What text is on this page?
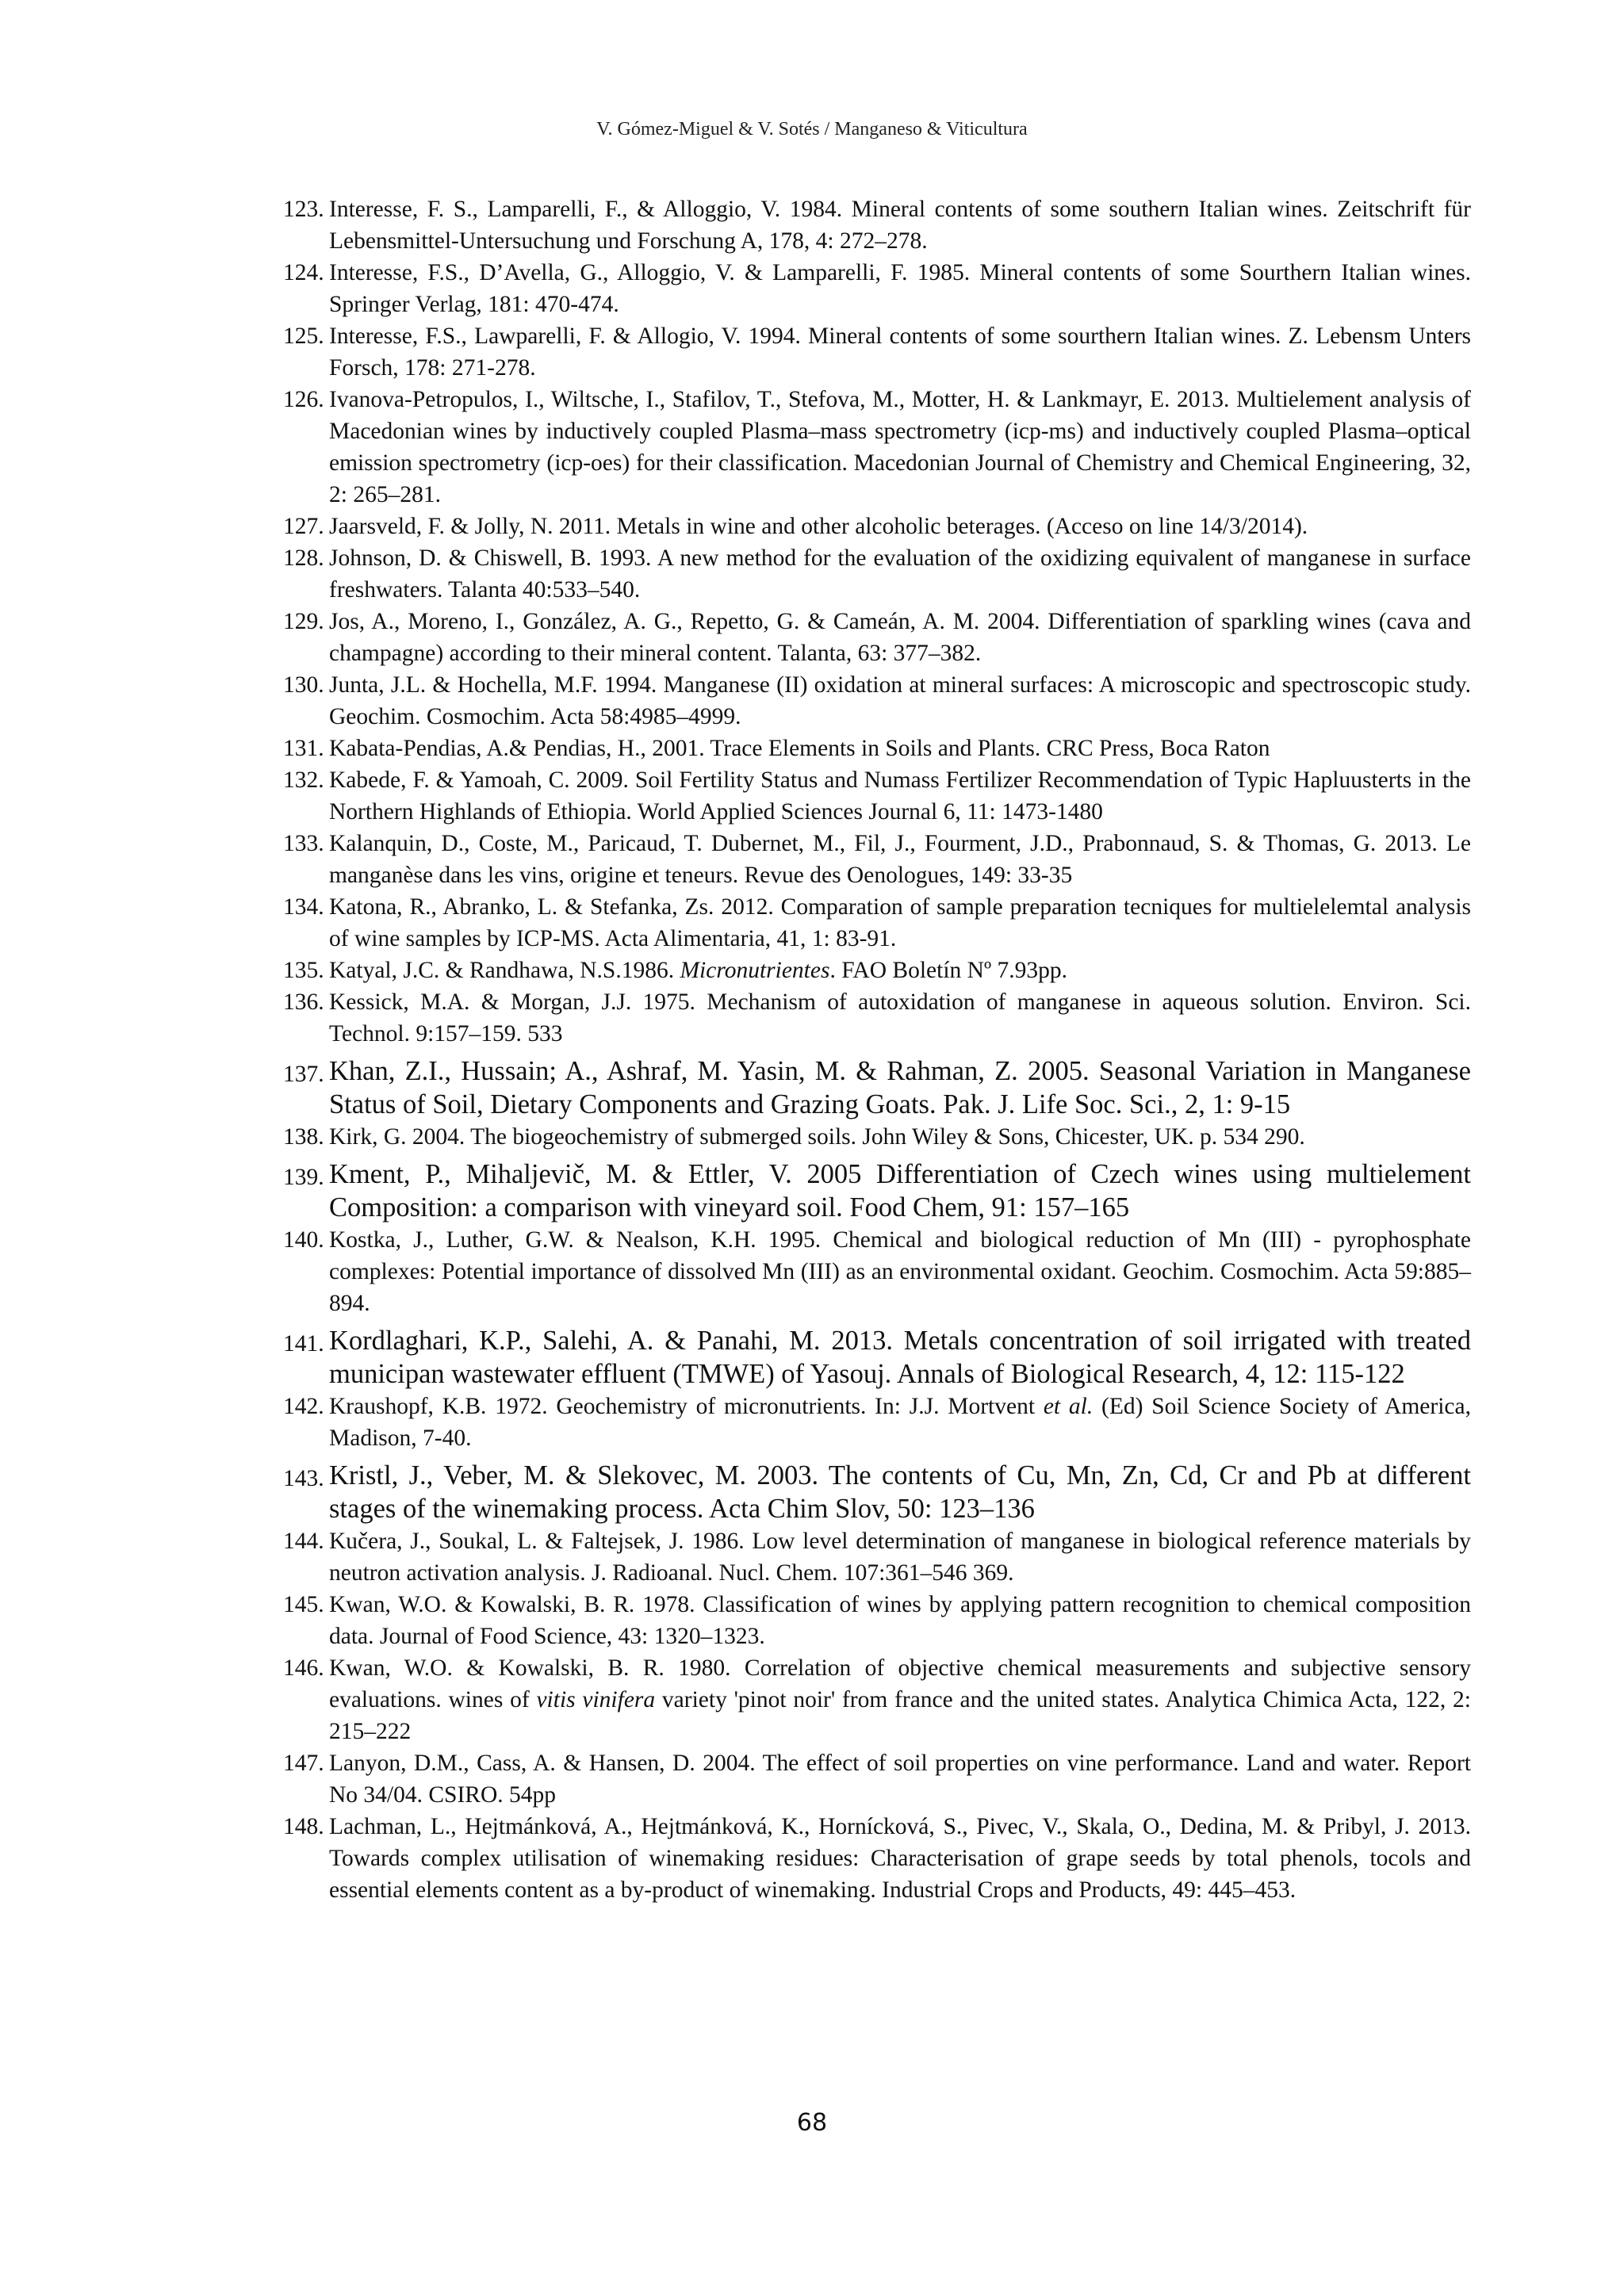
V. Gómez-Miguel & V. Sotés / Manganeso & Viticultura
123. Interesse, F. S., Lamparelli, F., & Alloggio, V. 1984. Mineral contents of some southern Italian wines. Zeitschrift für Lebensmittel-Untersuchung und Forschung A, 178, 4: 272–278.
124. Interesse, F.S., D’Avella, G., Alloggio, V. & Lamparelli, F. 1985. Mineral contents of some Sourthern Italian wines. Springer Verlag, 181: 470-474.
125. Interesse, F.S., Lawparelli, F. & Allogio, V. 1994. Mineral contents of some sourthern Italian wines. Z. Lebensm Unters Forsch, 178: 271-278.
126. Ivanova-Petropulos, I., Wiltsche, I., Stafilov, T., Stefova, M., Motter, H. & Lankmayr, E. 2013. Multielement analysis of Macedonian wines by inductively coupled Plasma–mass spectrometry (icp-ms) and inductively coupled Plasma–optical emission spectrometry (icp-oes) for their classification. Macedonian Journal of Chemistry and Chemical Engineering, 32, 2: 265–281.
127. Jaarsveld, F. & Jolly, N. 2011. Metals in wine and other alcoholic beterages. (Acceso on line 14/3/2014).
128. Johnson, D. & Chiswell, B. 1993. A new method for the evaluation of the oxidizing equivalent of manganese in surface freshwaters. Talanta 40:533–540.
129. Jos, A., Moreno, I., González, A. G., Repetto, G. & Cameán, A. M. 2004. Differentiation of sparkling wines (cava and champagne) according to their mineral content. Talanta, 63: 377–382.
130. Junta, J.L. & Hochella, M.F. 1994. Manganese (II) oxidation at mineral surfaces: A microscopic and spectroscopic study. Geochim. Cosmochim. Acta 58:4985–4999.
131. Kabata-Pendias, A.& Pendias, H., 2001. Trace Elements in Soils and Plants. CRC Press, Boca Raton
132. Kabede, F. & Yamoah, C. 2009. Soil Fertility Status and Numass Fertilizer Recommendation of Typic Hapluusterts in the Northern Highlands of Ethiopia. World Applied Sciences Journal 6, 11: 1473-1480
133. Kalanquin, D., Coste, M., Paricaud, T. Dubernet, M., Fil, J., Fourment, J.D., Prabonnaud, S. & Thomas, G. 2013. Le manganèse dans les vins, origine et teneurs. Revue des Oenologues, 149: 33-35
134. Katona, R., Abranko, L. & Stefanka, Zs. 2012. Comparation of sample preparation tecniques for multielelemtal analysis of wine samples by ICP-MS. Acta Alimentaria, 41, 1: 83-91.
135. Katyal, J.C. & Randhawa, N.S.1986. Micronutrientes. FAO Boletín Nº 7.93pp.
136. Kessick, M.A. & Morgan, J.J. 1975. Mechanism of autoxidation of manganese in aqueous solution. Environ. Sci. Technol. 9:157–159. 533
137. Khan, Z.I., Hussain; A., Ashraf, M. Yasin, M. & Rahman, Z. 2005. Seasonal Variation in Manganese Status of Soil, Dietary Components and Grazing Goats. Pak. J. Life Soc. Sci., 2, 1: 9-15
138. Kirk, G. 2004. The biogeochemistry of submerged soils. John Wiley & Sons, Chicester, UK. p. 534 290.
139. Kment, P., Mihaljevič, M. & Ettler, V. 2005 Differentiation of Czech wines using multielement Composition: a comparison with vineyard soil. Food Chem, 91: 157–165
140. Kostka, J., Luther, G.W. & Nealson, K.H. 1995. Chemical and biological reduction of Mn (III) - pyrophosphate complexes: Potential importance of dissolved Mn (III) as an environmental oxidant. Geochim. Cosmochim. Acta 59:885–894.
141. Kordlaghari, K.P., Salehi, A. & Panahi, M. 2013. Metals concentration of soil irrigated with treated municipan wastewater effluent (TMWE) of Yasouj. Annals of Biological Research, 4, 12: 115-122
142. Kraushopf, K.B. 1972. Geochemistry of micronutrients. In: J.J. Mortvent et al. (Ed) Soil Science Society of America, Madison, 7-40.
143. Kristl, J., Veber, M. & Slekovec, M. 2003. The contents of Cu, Mn, Zn, Cd, Cr and Pb at different stages of the winemaking process. Acta Chim Slov, 50: 123–136
144. Kučera, J., Soukal, L. & Faltejsek, J. 1986. Low level determination of manganese in biological reference materials by neutron activation analysis. J. Radioanal. Nucl. Chem. 107:361–546 369.
145. Kwan, W.O. & Kowalski, B. R. 1978. Classification of wines by applying pattern recognition to chemical composition data. Journal of Food Science, 43: 1320–1323.
146. Kwan, W.O. & Kowalski, B. R. 1980. Correlation of objective chemical measurements and subjective sensory evaluations. wines of vitis vinifera variety 'pinot noir' from france and the united states. Analytica Chimica Acta, 122, 2: 215–222
147. Lanyon, D.M., Cass, A. & Hansen, D. 2004. The effect of soil properties on vine performance. Land and water. Report No 34/04. CSIRO. 54pp
148. Lachman, L., Hejtmánková, A., Hejtmánková, K., Hornícková, S., Pivec, V., Skala, O., Dedina, M. & Pribyl, J. 2013. Towards complex utilisation of winemaking residues: Characterisation of grape seeds by total phenols, tocols and essential elements content as a by-product of winemaking. Industrial Crops and Products, 49: 445–453.
68
